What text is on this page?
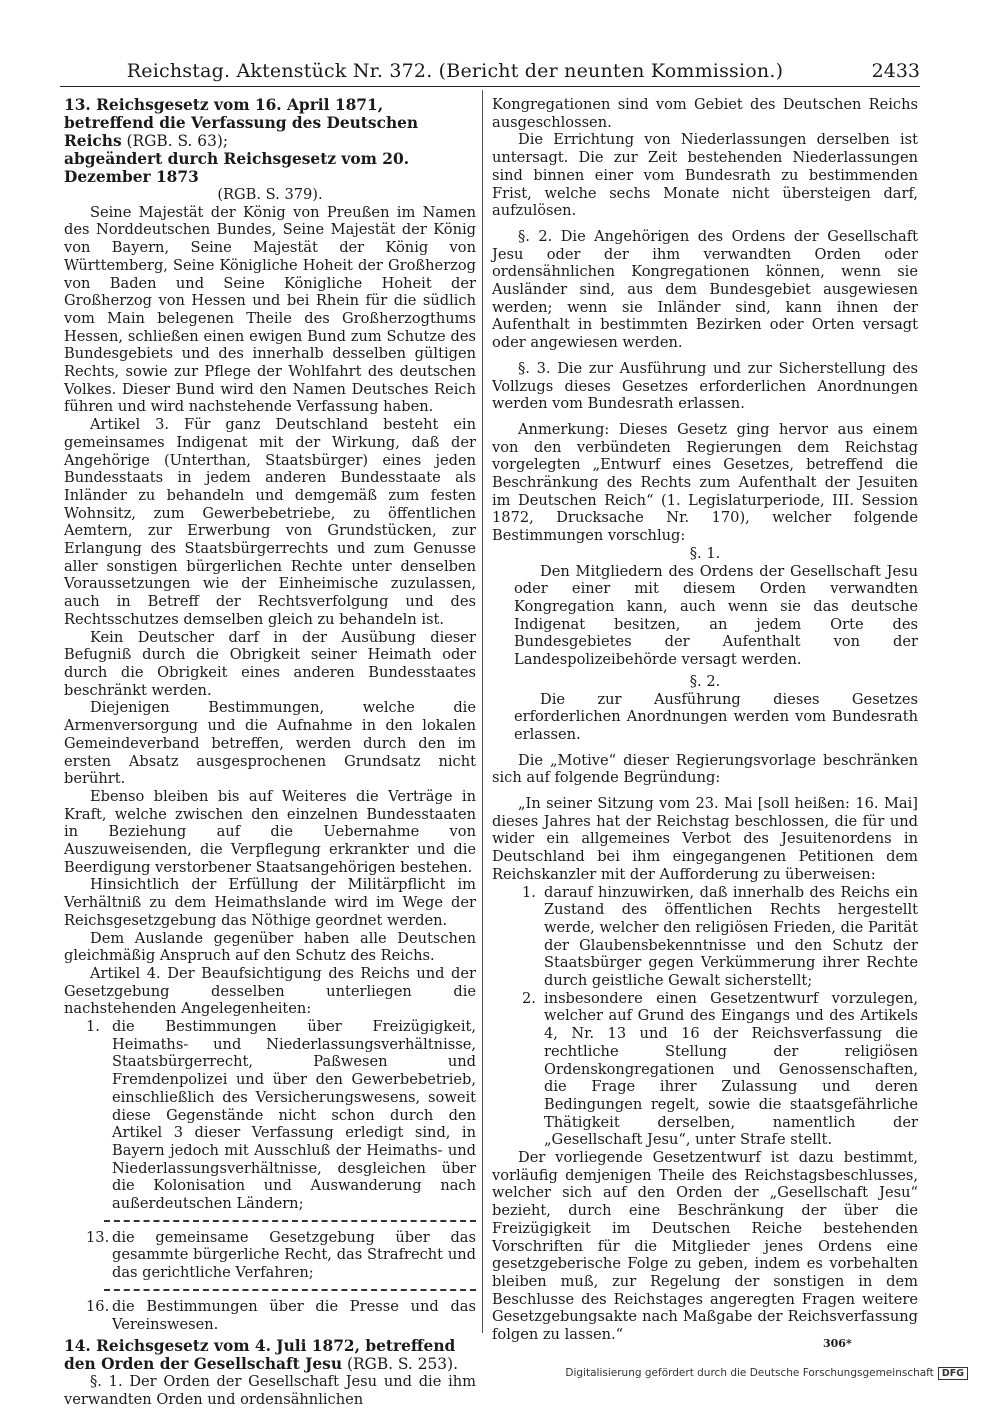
Reichstag. Aktenstück Nr. 372. (Bericht der neunten Kommission.)	2433

13. Reichsgesetz vom 16. April 1871, betreffend die Verfassung des Deutschen Reichs (RGB. S. 63);

abgeändert durch Reichsgesetz vom 20. Dezember 1873

(RGB. S. 379).

Seine Majestät der König von Preußen im Namen des Norddeutschen Bundes, Seine Majestät der König von Bayern, Seine Majestät der König von Württemberg, Seine Königliche Hoheit der Großherzog von Baden und Seine Königliche Hoheit der Großherzog von Hessen und bei Rhein für die südlich vom Main belegenen Theile des Großherzogthums Hessen, schließen einen ewigen Bund zum Schutze des Bundesgebiets und des innerhalb desselben gültigen Rechts, sowie zur Pflege der Wohlfahrt des deutschen Volkes. Dieser Bund wird den Namen Deutsches Reich führen und wird nachstehende Verfassung haben.

Artikel 3. Für ganz Deutschland besteht ein gemeinsames Indigenat mit der Wirkung, daß der Angehörige (Unterthan, Staatsbürger) eines jeden Bundesstaats in jedem anderen Bundesstaate als Inländer zu behandeln und demgemäß zum festen Wohnsitz, zum Gewerbebetriebe, zu öffentlichen Aemtern, zur Erwerbung von Grundstücken, zur Erlangung des Staatsbürgerrechts und zum Genusse aller sonstigen bürgerlichen Rechte unter denselben Voraussetzungen wie der Einheimische zuzulassen, auch in Betreff der Rechtsverfolgung und des Rechtsschutzes demselben gleich zu behandeln ist.

Kein Deutscher darf in der Ausübung dieser Befugniß durch die Obrigkeit seiner Heimath oder durch die Obrigkeit eines anderen Bundesstaates beschränkt werden.

Diejenigen Bestimmungen, welche die Armenversorgung und die Aufnahme in den lokalen Gemeindeverband betreffen, werden durch den im ersten Absatz ausgesprochenen Grundsatz nicht berührt.

Ebenso bleiben bis auf Weiteres die Verträge in Kraft, welche zwischen den einzelnen Bundesstaaten in Beziehung auf die Uebernahme von Auszuweisenden, die Verpflegung erkrankter und die Beerdigung verstorbener Staatsangehörigen bestehen.

Hinsichtlich der Erfüllung der Militärpflicht im Verhältniß zu dem Heimathslande wird im Wege der Reichsgesetzgebung das Nöthige geordnet werden.

Dem Auslande gegenüber haben alle Deutschen gleichmäßig Anspruch auf den Schutz des Reichs.

Artikel 4. Der Beaufsichtigung des Reichs und der Gesetzgebung desselben unterliegen die nachstehenden Angelegenheiten:

1. die Bestimmungen über Freizügigkeit, Heimaths- und Niederlassungsverhältnisse, Staatsbürgerrecht, Paßwesen und Fremdenpolizei und über den Gewerbebetrieb, einschließlich des Versicherungswesens, soweit diese Gegenstände nicht schon durch den Artikel 3 dieser Verfassung erledigt sind, in Bayern jedoch mit Ausschluß der Heimaths- und Niederlassungsverhältnisse, desgleichen über die Kolonisation und Auswanderung nach außerdeutschen Ländern;

13. die gemeinsame Gesetzgebung über das gesammte bürgerliche Recht, das Strafrecht und das gerichtliche Verfahren;

16. die Bestimmungen über die Presse und das Vereinswesen.

14. Reichsgesetz vom 4. Juli 1872, betreffend den Orden der Gesellschaft Jesu (RGB. S. 253).

§. 1. Der Orden der Gesellschaft Jesu und die ihm verwandten Orden und ordensähnlichen

Kongregationen sind vom Gebiet des Deutschen Reichs ausgeschlossen.

Die Errichtung von Niederlassungen derselben ist untersagt. Die zur Zeit bestehenden Niederlassungen sind binnen einer vom Bundesrath zu bestimmenden Frist, welche sechs Monate nicht übersteigen darf, aufzulösen.

§. 2. Die Angehörigen des Ordens der Gesellschaft Jesu oder der ihm verwandten Orden oder ordensähnlichen Kongregationen können, wenn sie Ausländer sind, aus dem Bundesgebiet ausgewiesen werden; wenn sie Inländer sind, kann ihnen der Aufenthalt in bestimmten Bezirken oder Orten versagt oder angewiesen werden.

§. 3. Die zur Ausführung und zur Sicherstellung des Vollzugs dieses Gesetzes erforderlichen Anordnungen werden vom Bundesrath erlassen.

Anmerkung: Dieses Gesetz ging hervor aus einem von den verbündeten Regierungen dem Reichstag vorgelegten „Entwurf eines Gesetzes, betreffend die Beschränkung des Rechts zum Aufenthalt der Jesuiten im Deutschen Reich“ (1. Legislaturperiode, III. Session 1872, Drucksache Nr. 170), welcher folgende Bestimmungen vorschlug:

§. 1.

Den Mitgliedern des Ordens der Gesellschaft Jesu oder einer mit diesem Orden verwandten Kongregation kann, auch wenn sie das deutsche Indigenat besitzen, an jedem Orte des Bundesgebietes der Aufenthalt von der Landespolizeibehörde versagt werden.

§. 2.

Die zur Ausführung dieses Gesetzes erforderlichen Anordnungen werden vom Bundesrath erlassen.

Die „Motive“ dieser Regierungsvorlage beschränken sich auf folgende Begründung:

„In seiner Sitzung vom 23. Mai [soll heißen: 16. Mai] dieses Jahres hat der Reichstag beschlossen, die für und wider ein allgemeines Verbot des Jesuitenordens in Deutschland bei ihm eingegangenen Petitionen dem Reichskanzler mit der Aufforderung zu überweisen:

1. darauf hinzuwirken, daß innerhalb des Reichs ein Zustand des öffentlichen Rechts hergestellt werde, welcher den religiösen Frieden, die Parität der Glaubensbekenntnisse und den Schutz der Staatsbürger gegen Verkümmerung ihrer Rechte durch geistliche Gewalt sicherstellt;

2. insbesondere einen Gesetzentwurf vorzulegen, welcher auf Grund des Eingangs und des Artikels 4, Nr. 13 und 16 der Reichsverfassung die rechtliche Stellung der religiösen Ordenskongregationen und Genossenschaften, die Frage ihrer Zulassung und deren Bedingungen regelt, sowie die staatsgefährliche Thätigkeit derselben, namentlich der „Gesellschaft Jesu“, unter Strafe stellt.

Der vorliegende Gesetzentwurf ist dazu bestimmt, vorläufig demjenigen Theile des Reichstagsbeschlusses, welcher sich auf den Orden der „Gesellschaft Jesu“ bezieht, durch eine Beschränkung der über die Freizügigkeit im Deutschen Reiche bestehenden Vorschriften für die Mitglieder jenes Ordens eine gesetzgeberische Folge zu geben, indem es vorbehalten bleiben muß, zur Regelung der sonstigen in dem Beschlusse des Reichstages angeregten Fragen weitere Gesetzgebungsakte nach Maßgabe der Reichsverfassung folgen zu lassen.“

306*
Digitalisierung gefördert durch die Deutsche Forschungsgemeinschaft DFG
